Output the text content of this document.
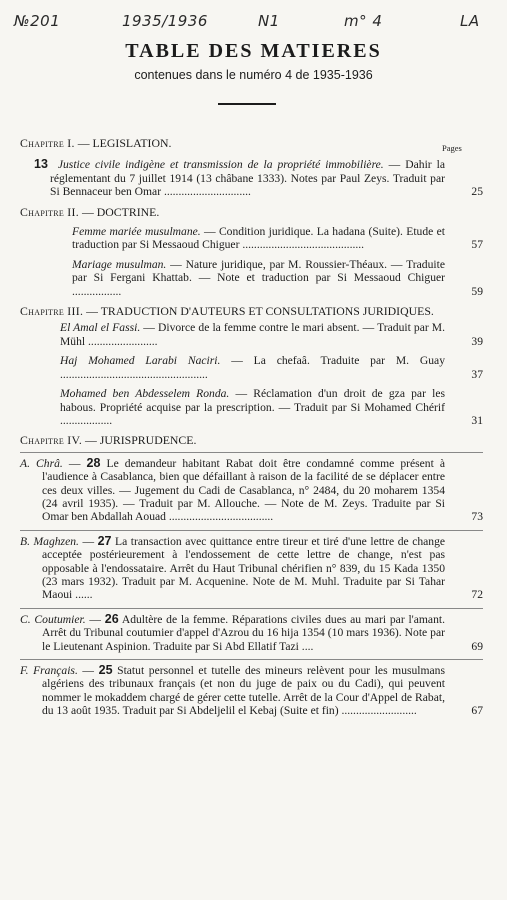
№201	1935/1936	N1	m° 4	LA
TABLE DES MATIERES
contenues dans le numéro 4 de 1935-1936
Pages
Chapitre I. — LEGISLATION.
13 Justice civile indigène et transmission de la propriété immobilière. — Dahir la réglementant du 7 juillet 1914 (13 châbane 1333). Notes par Paul Zeys. Traduit par Si Bennaceur ben Omar ..............................	25
Chapitre II. — DOCTRINE.
Femme mariée musulmane. — Condition juridique. La hadana (Suite). Etude et traduction par Si Messaoud Chiguer ..........................................	57
Mariage musulman. — Nature juridique, par M. Roussier-Théaux. — Traduite par Si Fergani Khattab. — Note et traduction par Si Messaoud Chiguer .................	59
Chapitre III. — TRADUCTION D'AUTEURS ET CONSULTATIONS JURIDIQUES.
El Amal el Fassi. — Divorce de la femme contre le mari absent. — Traduit par M. Mühl ........................	39
Haj Mohamed Larabi Naciri. — La chefaâ. Traduite par M. Guay ...................................................	37
Mohamed ben Abdesselem Ronda. — Réclamation d'un droit de gza par les habous. Propriété acquise par la prescription. — Traduit par Si Mohamed Chérif ..................	31
Chapitre IV. — JURISPRUDENCE.
A. Chrâ. — 28 Le demandeur habitant Rabat doit être condamné comme présent à l'audience à Casablanca, bien que défaillant à raison de la facilité de se déplacer entre ces deux villes. — Jugement du Cadi de Casablanca, n° 2484, du 20 moharem 1354 (24 avril 1935). — Traduit par M. Allouche. — Note de M. Zeys. Traduite par Si Omar ben Abdallah Aouad ....................................	73
B. Maghzen. — 27 La transaction avec quittance entre tireur et tiré d'une lettre de change acceptée postérieurement à l'endossement de cette lettre de change, n'est pas opposable à l'endossataire. Arrêt du Haut Tribunal chérifien n° 839, du 15 Kada 1350 (23 mars 1932). Traduit par M. Acquenine. Note de M. Muhl. Traduite par Si Tahar Maoui ......	72
C. Coutumier. — 26 Adultère de la femme. Réparations civiles dues au mari par l'amant. Arrêt du Tribunal coutumier d'appel d'Azrou du 16 hija 1354 (10 mars 1936). Note par le Lieutenant Aspinion. Traduite par Si Abd Ellatif Tazi ....	69
F. Français. — 25 Statut personnel et tutelle des mineurs relèvent pour les musulmans algériens des tribunaux français (et non du juge de paix ou du Cadi), qui peuvent nommer le mokaddem chargé de gérer cette tutelle. Arrêt de la Cour d'Appel de Rabat, du 13 août 1935. Traduit par Si Abdeljelil el Kebaj (Suite et fin) ..........................	67
